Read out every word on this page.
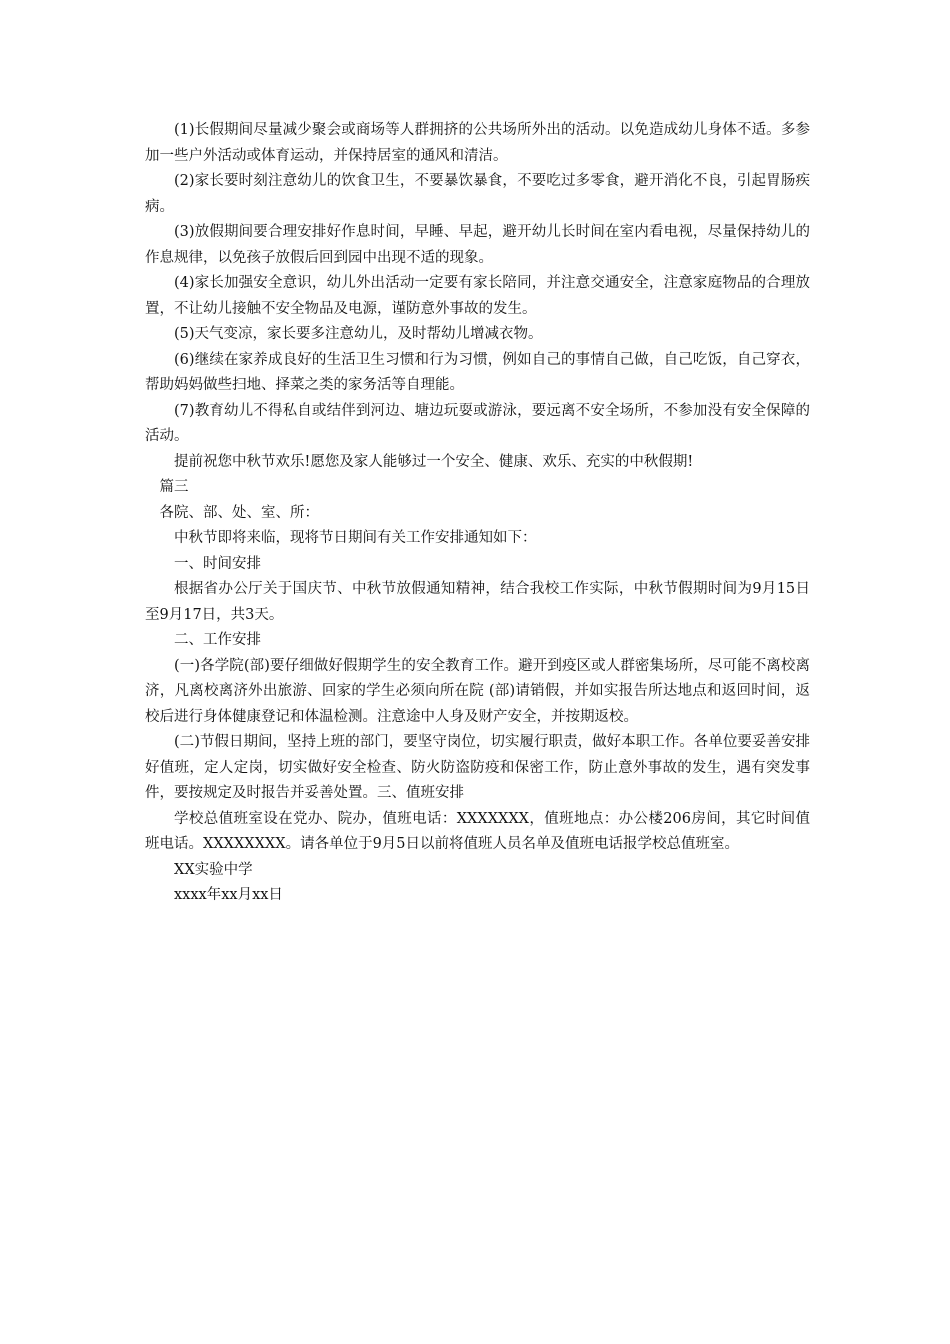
(1)长假期间尽量减少聚会或商场等人群拥挤的公共场所外出的活动。以免造成幼儿身体不适。多参加一些户外活动或体育运动，并保持居室的通风和清洁。

(2)家长要时刻注意幼儿的饮食卫生，不要暴饮暴食，不要吃过多零食，避开消化不良，引起胃肠疾病。

(3)放假期间要合理安排好作息时间，早睡、早起，避开幼儿长时间在室内看电视，尽量保持幼儿的作息规律，以免孩子放假后回到园中出现不适的现象。

(4)家长加强安全意识，幼儿外出活动一定要有家长陪同，并注意交通安全，注意家庭物品的合理放置，不让幼儿接触不安全物品及电源，谨防意外事故的发生。

(5)天气变凉，家长要多注意幼儿，及时帮幼儿增减衣物。

(6)继续在家养成良好的生活卫生习惯和行为习惯，例如自己的事情自己做，自己吃饭，自己穿衣，帮助妈妈做些扫地、择菜之类的家务活等自理能。

(7)教育幼儿不得私自或结伴到河边、塘边玩耍或游泳，要远离不安全场所，不参加没有安全保障的活动。

提前祝您中秋节欢乐!愿您及家人能够过一个安全、健康、欢乐、充实的中秋假期!

篇三

各院、部、处、室、所：

中秋节即将来临，现将节日期间有关工作安排通知如下：

一、时间安排

根据省办公厅关于国庆节、中秋节放假通知精神，结合我校工作实际，中秋节假期时间为9月15日至9月17日，共3天。

二、工作安排

(一)各学院(部)要仔细做好假期学生的安全教育工作。避开到疫区或人群密集场所，尽可能不离校离济，凡离校离济外出旅游、回家的学生必须向所在院 (部)请销假，并如实报告所达地点和返回时间，返校后进行身体健康登记和体温检测。注意途中人身及财产安全，并按期返校。

(二)节假日期间，坚持上班的部门，要坚守岗位，切实履行职责，做好本职工作。各单位要妥善安排好值班，定人定岗，切实做好安全检查、防火防盗防疫和保密工作，防止意外事故的发生，遇有突发事件，要按规定及时报告并妥善处置。三、值班安排

学校总值班室设在党办、院办，值班电话：XXXXXXX，值班地点：办公楼206房间，其它时间值班电话。XXXXXXXX。请各单位于9月5日以前将值班人员名单及值班电话报学校总值班室。

XX实验中学

xxxx年xx月xx日
